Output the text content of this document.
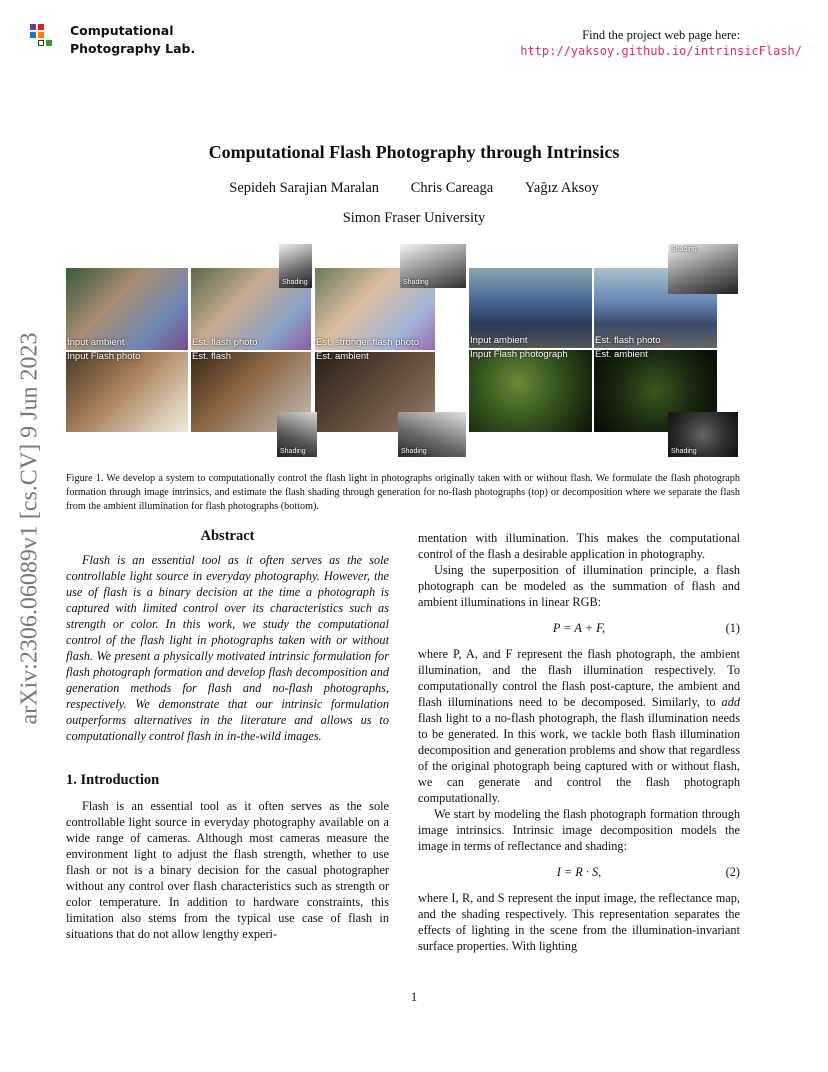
Computational
Photography Lab.
Find the project web page here:
http://yaksoy.github.io/intrinsicFlash/
Computational Flash Photography through Intrinsics
Sepideh Sarajian Maralan Chris Careaga Yağız Aksoy
Simon Fraser University
arXiv:2306.06089v1 [cs.CV] 9 Jun 2023	Input ambient	Est. flash photo
Shading
Est. stronger flash photo
Shading
Input Flash photo	Est. flash	Est. ambient
Shading	Shading
Input ambient	Est. flash photo
Shading
Input Flash photograph	Est. ambient
Shading
Figure 1. We develop a system to computationally control the flash light in photographs originally taken with or without flash. We formulate the flash photograph formation through image intrinsics, and estimate the flash shading through generation for no-flash photographs (top) or decomposition where we separate the flash from the ambient illumination for flash photographs (bottom).
Abstract

Flash is an essential tool as it often serves as the sole controllable light source in everyday photography. However, the use of flash is a binary decision at the time a photograph is captured with limited control over its characteristics such as strength or color. In this work, we study the computational control of the flash light in photographs taken with or without flash. We present a physically motivated intrinsic formulation for flash photograph formation and develop flash decomposition and generation methods for flash and no-flash photographs, respectively. We demonstrate that our intrinsic formulation outperforms alternatives in the literature and allows us to computationally control flash in in-the-wild images.

1. Introduction

Flash is an essential tool as it often serves as the sole controllable light source in everyday photography available on a wide range of cameras. Although most cameras measure the environment light to adjust the flash strength, whether to use flash or not is a binary decision for the casual photographer without any control over flash characteristics such as strength or color temperature. In addition to hardware constraints, this limitation also stems from the typical use case of flash in situations that do not allow lengthy experi-

mentation with illumination. This makes the computational control of the flash a desirable application in photography.

Using the superposition of illumination principle, a flash photograph can be modeled as the summation of flash and ambient illuminations in linear RGB:

P = A + F,	(1)

where P, A, and F represent the flash photograph, the ambient illumination, and the flash illumination respectively. To computationally control the flash post-capture, the ambient and flash illuminations need to be decomposed. Similarly, to add flash light to a no-flash photograph, the flash illumination needs to be generated. In this work, we tackle both flash illumination decomposition and generation problems and show that regardless of the original photograph being captured with or without flash, we can generate and control the flash photograph computationally.

We start by modeling the flash photograph formation through image intrinsics. Intrinsic image decomposition models the image in terms of reflectance and shading:

I = R · S,	(2)

where I, R, and S represent the input image, the reflectance map, and the shading respectively. This representation separates the effects of lighting in the scene from the illumination-invariant surface properties. With lighting

1
